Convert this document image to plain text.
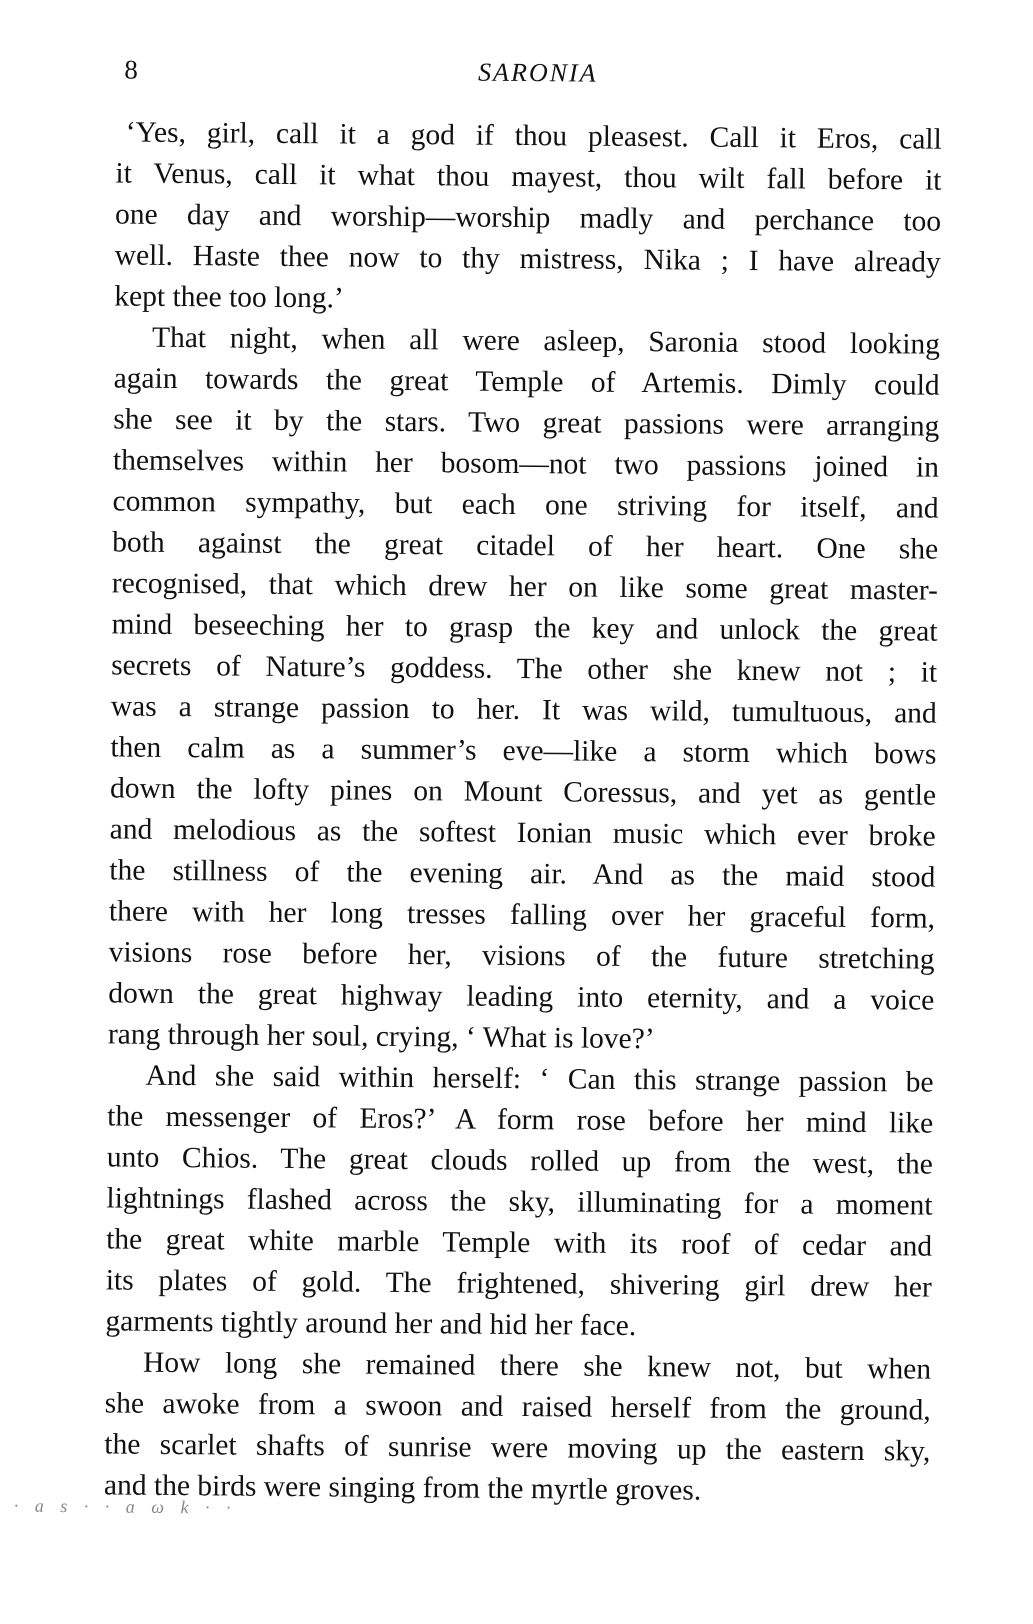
8	SARONIA
‘Yes, girl, call it a god if thou pleasest. Call it Eros, call
it Venus, call it what thou mayest, thou wilt fall before it
one day and worship—worship madly and perchance too
well. Haste thee now to thy mistress, Nika ; I have already
kept thee too long.’
That night, when all were asleep, Saronia stood looking
again towards the great Temple of Artemis. Dimly could
she see it by the stars. Two great passions were arranging
themselves within her bosom—not two passions joined in
common sympathy, but each one striving for itself, and
both against the great citadel of her heart. One she
recognised, that which drew her on like some great master-
mind beseeching her to grasp the key and unlock the great
secrets of Nature’s goddess. The other she knew not ; it
was a strange passion to her. It was wild, tumultuous, and
then calm as a summer’s eve—like a storm which bows
down the lofty pines on Mount Coressus, and yet as gentle
and melodious as the softest Ionian music which ever broke
the stillness of the evening air. And as the maid stood
there with her long tresses falling over her graceful form,
visions rose before her, visions of the future stretching
down the great highway leading into eternity, and a voice
rang through her soul, crying, ‘ What is love?’
And she said within herself: ‘ Can this strange passion be
the messenger of Eros?’ A form rose before her mind like
unto Chios. The great clouds rolled up from the west, the
lightnings flashed across the sky, illuminating for a moment
the great white marble Temple with its roof of cedar and
its plates of gold. The frightened, shivering girl drew her
garments tightly around her and hid her face.
How long she remained there she knew not, but when
she awoke from a swoon and raised herself from the ground,
the scarlet shafts of sunrise were moving up the eastern sky,
and the birds were singing from the myrtle groves.
· a s · · ɑ ω k · ·
